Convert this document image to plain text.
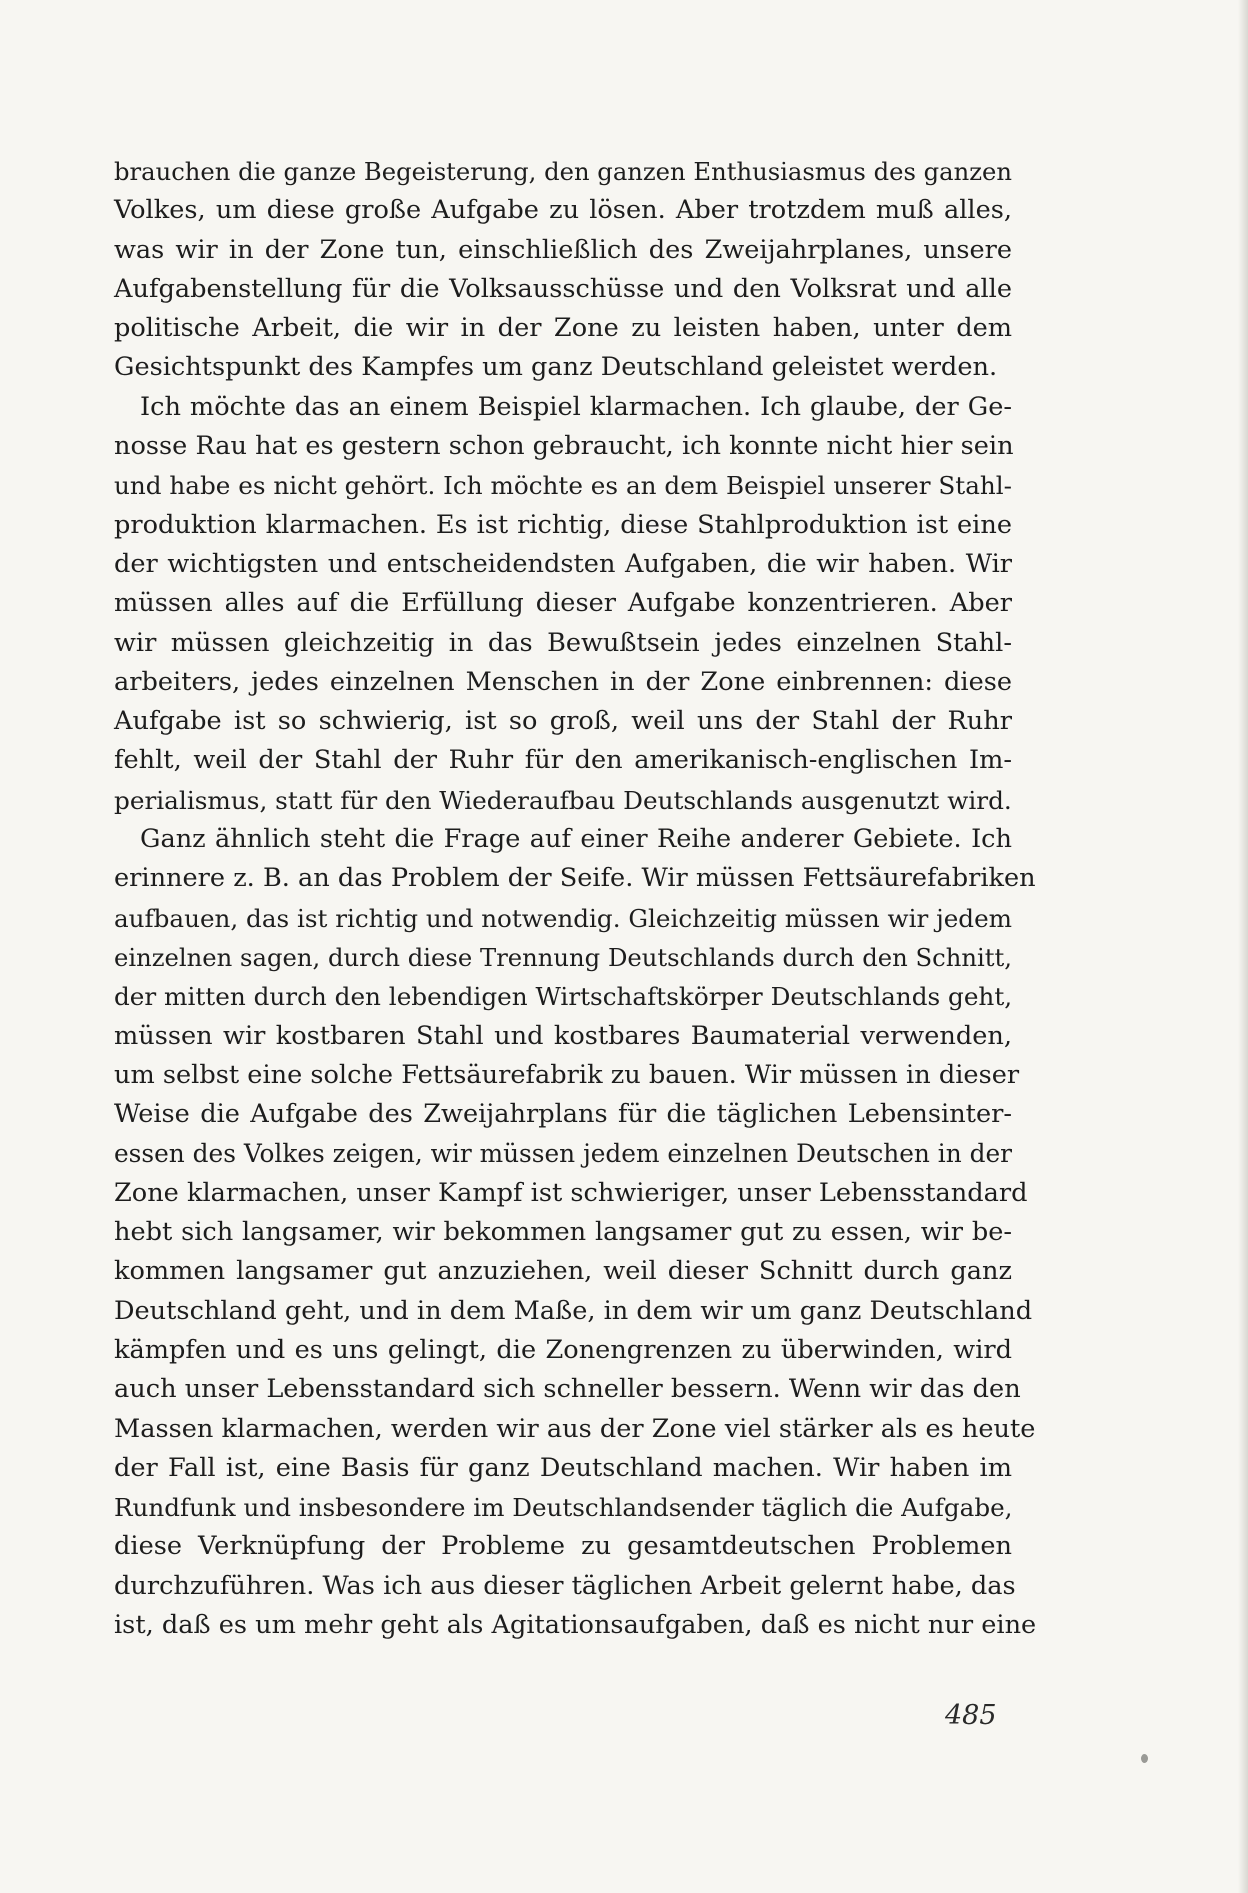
brauchen die ganze Begeisterung, den ganzen Enthusiasmus des ganzen
Volkes, um diese große Aufgabe zu lösen. Aber trotzdem muß alles,
was wir in der Zone tun, einschließlich des Zweijahrplanes, unsere
Aufgabenstellung für die Volksausschüsse und den Volksrat und alle
politische Arbeit, die wir in der Zone zu leisten haben, unter dem
Gesichtspunkt des Kampfes um ganz Deutschland geleistet werden.

Ich möchte das an einem Beispiel klarmachen. Ich glaube, der Ge-
nosse Rau hat es gestern schon gebraucht, ich konnte nicht hier sein
und habe es nicht gehört. Ich möchte es an dem Beispiel unserer Stahl-
produktion klarmachen. Es ist richtig, diese Stahlproduktion ist eine
der wichtigsten und entscheidendsten Aufgaben, die wir haben. Wir
müssen alles auf die Erfüllung dieser Aufgabe konzentrieren. Aber
wir müssen gleichzeitig in das Bewußtsein jedes einzelnen Stahl-
arbeiters, jedes einzelnen Menschen in der Zone einbrennen: diese
Aufgabe ist so schwierig, ist so groß, weil uns der Stahl der Ruhr
fehlt, weil der Stahl der Ruhr für den amerikanisch-englischen Im-
perialismus, statt für den Wiederaufbau Deutschlands ausgenutzt wird.

Ganz ähnlich steht die Frage auf einer Reihe anderer Gebiete. Ich
erinnere z. B. an das Problem der Seife. Wir müssen Fettsäurefabriken
aufbauen, das ist richtig und notwendig. Gleichzeitig müssen wir jedem
einzelnen sagen, durch diese Trennung Deutschlands durch den Schnitt,
der mitten durch den lebendigen Wirtschaftskörper Deutschlands geht,
müssen wir kostbaren Stahl und kostbares Baumaterial verwenden,
um selbst eine solche Fettsäurefabrik zu bauen. Wir müssen in dieser
Weise die Aufgabe des Zweijahrplans für die täglichen Lebensinter-
essen des Volkes zeigen, wir müssen jedem einzelnen Deutschen in der
Zone klarmachen, unser Kampf ist schwieriger, unser Lebensstandard
hebt sich langsamer, wir bekommen langsamer gut zu essen, wir be-
kommen langsamer gut anzuziehen, weil dieser Schnitt durch ganz
Deutschland geht, und in dem Maße, in dem wir um ganz Deutschland
kämpfen und es uns gelingt, die Zonengrenzen zu überwinden, wird
auch unser Lebensstandard sich schneller bessern. Wenn wir das den
Massen klarmachen, werden wir aus der Zone viel stärker als es heute
der Fall ist, eine Basis für ganz Deutschland machen. Wir haben im
Rundfunk und insbesondere im Deutschlandsender täglich die Aufgabe,
diese Verknüpfung der Probleme zu gesamtdeutschen Problemen
durchzuführen. Was ich aus dieser täglichen Arbeit gelernt habe, das
ist, daß es um mehr geht als Agitationsaufgaben, daß es nicht nur eine

485
